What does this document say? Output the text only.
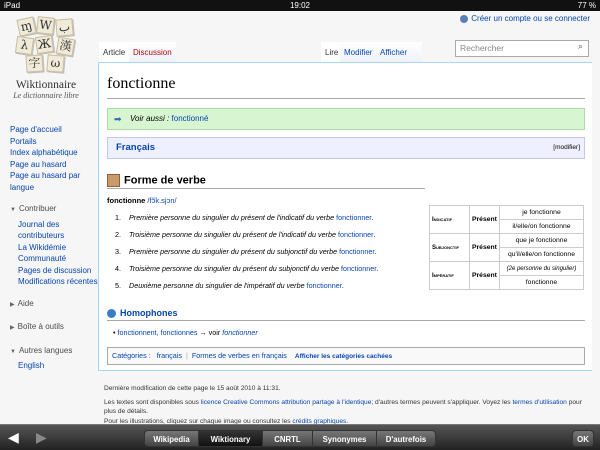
iPad	19:02	77 %
ɱ W ب
λ Ж 漢
字 ω
Wiktionnaire
Le dictionnaire libre
Créer un compte ou se connecter
Page d'accueil
Portails
Index alphabétique
Page au hasard
Page au hasard par langue
▼ Contribuer
Journal des contributeurs
La Wikidémie
Communauté
Pages de discussion
Modifications récentes
▶ Aide
▶ Boîte à outils
▼ Autres langues
English
Article Discussion	Lire Modifier Afficher	Rechercher	⌕
fonctionne
➡ Voir aussi : fonctionné
Français	[modifier]
Forme de verbe
fonctionne /fɔ̃k.sjɔn/
1. Première personne du singulier du présent de l'indicatif du verbe fonctionner.
2. Troisième personne du singulier du présent de l'indicatif du verbe fonctionner.
3. Première personne du singulier du présent du subjonctif du verbe fonctionner.
4. Troisième personne du singulier du présent du subjonctif du verbe fonctionner.
5. Deuxième personne du singulier de l'impératif du verbe fonctionner.
Indicatif	Présent	je fonctionne
		il/elle/on fonctionne
Subjonctif	Présent	que je fonctionne
		qu'il/elle/on fonctionne
Impératif	Présent	(2e personne du singulier)
		fonctionne
Homophones
• fonctionnent, fonctionnes → voir fonctionner
Catégories : français | Formes de verbes en français Afficher les catégories cachées

Dernière modification de cette page le 15 août 2010 à 11:31.

Les textes sont disponibles sous licence Creative Commons attribution partage à l'identique; d'autres termes peuvent s'appliquer. Voyez les termes d'utilisation pour plus de détails.
Pour les illustrations, cliquez sur chaque image ou consultez les crédits graphiques.

◀ ▶	Wikipedia	Wiktionary	CNRTL	Synonymes	D'autrefois	OK
